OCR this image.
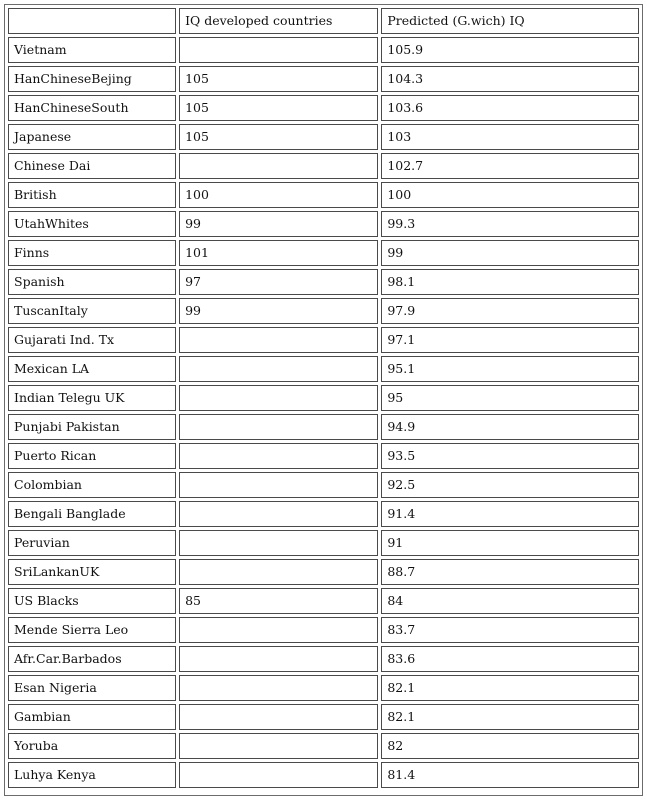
	IQ developed countries	Predicted (G.wich) IQ
Vietnam		105.9
HanChineseBejing	105	104.3
HanChineseSouth	105	103.6
Japanese	105	103
Chinese Dai		102.7
British	100	100
UtahWhites	99	99.3
Finns	101	99
Spanish	97	98.1
TuscanItaly	99	97.9
Gujarati Ind. Tx		97.1
Mexican LA		95.1
Indian Telegu UK		95
Punjabi Pakistan		94.9
Puerto Rican		93.5
Colombian		92.5
Bengali Banglade		91.4
Peruvian		91
SriLankanUK		88.7
US Blacks	85	84
Mende Sierra Leo		83.7
Afr.Car.Barbados		83.6
Esan Nigeria		82.1
Gambian		82.1
Yoruba		82
Luhya Kenya		81.4
